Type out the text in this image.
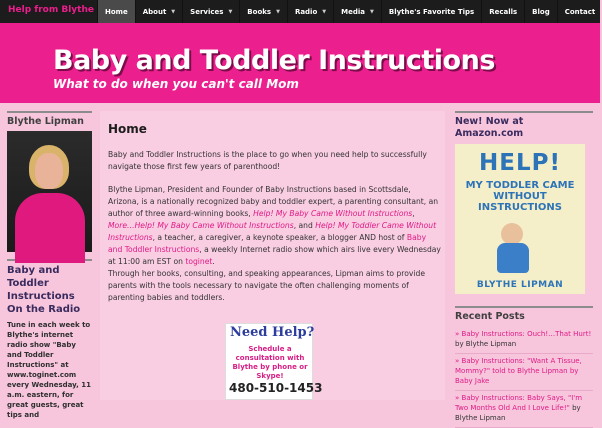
Help from Blythe Home About ▼ Services ▼ Books ▼ Radio ▼ Media ▼ Blythe's Favorite Tips Recalls Blog Contact
Search
Baby and Toddler Instructions
What to do when you can't call Mom
Blythe Lipman
Baby and Toddler Instructions On the Radio
Tune in each week to Blythe's internet radio show "Baby and Toddler Instructions" at www.toginet.com every Wednesday, 11 a.m. eastern, for great guests, great tips and
Home

Baby and Toddler Instructions is the place to go when you need help to successfully navigate those first few years of parenthood!

Blythe Lipman, President and Founder of Baby Instructions based in Scottsdale, Arizona, is a nationally recognized baby and toddler expert, a parenting consultant, an author of three award-winning books, Help! My Baby Came Without Instructions, More…Help! My Baby Came Without Instructions, and Help! My Toddler Came Without Instructions, a teacher, a caregiver, a keynote speaker, a blogger AND host of Baby and Toddler Instructions, a weekly Internet radio show which airs live every Wednesday at 11:00 am EST on toginet.

Through her books, consulting, and speaking appearances, Lipman aims to provide parents with the tools necessary to navigate the often challenging moments of parenting babies and toddlers.

Need Help?
Schedule a consultation with Blythe by phone or Skype!
480-510-1453
New! Now at Amazon.com
HELP!
MY TODDLER CAME WITHOUT INSTRUCTIONS
BLYTHE LIPMAN
Recent Posts
» Baby Instructions: Ouch!…That Hurt! by Blythe Lipman
» Baby Instructions: "Want A Tissue, Mommy?" told to Blythe Lipman by Baby Jake
» Baby Instructions: Baby Says, "I'm Two Months Old And I Love Life!" by Blythe Lipman
